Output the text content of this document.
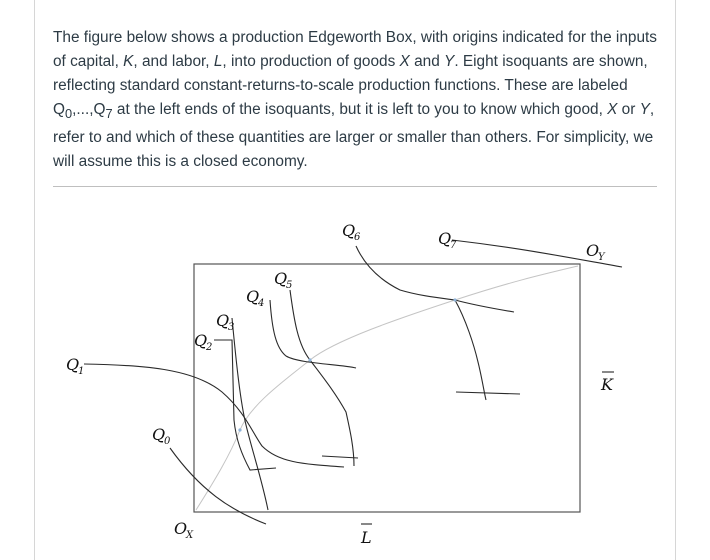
The figure below shows a production Edgeworth Box, with origins indicated for the inputs of capital, K, and labor, L, into production of goods X and Y. Eight isoquants are shown, reflecting standard constant-returns-to-scale production functions. These are labeled $Q_0,...,Q_7$ at the left ends of the isoquants, but it is left to you to know which good, X or Y, refer to and which of these quantities are larger or smaller than others. For simplicity, we will assume this is a closed economy.

Q
0
Q
1
Q
2
Q
3
Q
4
Q
5
Q
6	Q
7	O
Y
O
X
K
L
